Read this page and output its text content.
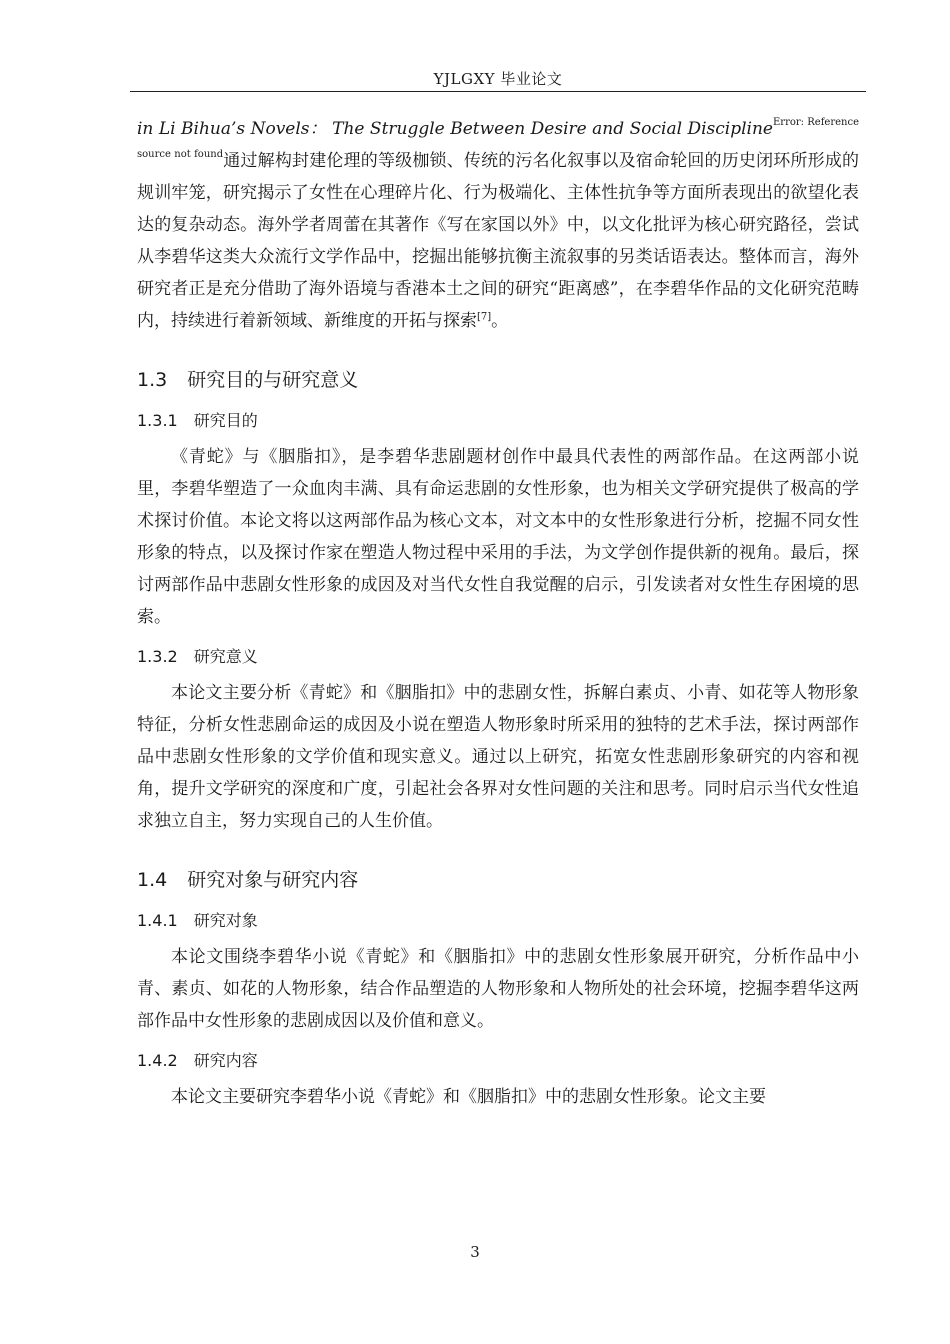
YJLGXY 毕业论文

in Li Bihua’s Novels： The Struggle Between Desire and Social Discipline$^{Error: Reference source not found}$通过解构封建伦理的等级枷锁、传统的污名化叙事以及宿命轮回的历史闭环所形成的规训牢笼，研究揭示了女性在心理碎片化、行为极端化、主体性抗争等方面所表现出的欲望化表达的复杂动态。海外学者周蕾在其著作《写在家国以外》中，以文化批评为核心研究路径，尝试从李碧华这类大众流行文学作品中，挖掘出能够抗衡主流叙事的另类话语表达。整体而言，海外研究者正是充分借助了海外语境与香港本土之间的研究“距离感”，在李碧华作品的文化研究范畴内，持续进行着新领域、新维度的开拓与探索[7]。

1.3 研究目的与研究意义
1.3.1 研究目的

《青蛇》与《胭脂扣》，是李碧华悲剧题材创作中最具代表性的两部作品。在这两部小说里，李碧华塑造了一众血肉丰满、具有命运悲剧的女性形象，也为相关文学研究提供了极高的学术探讨价值。本论文将以这两部作品为核心文本，对文本中的女性形象进行分析，挖掘不同女性形象的特点，以及探讨作家在塑造人物过程中采用的手法，为文学创作提供新的视角。最后，探讨两部作品中悲剧女性形象的成因及对当代女性自我觉醒的启示，引发读者对女性生存困境的思索。

1.3.2 研究意义

本论文主要分析《青蛇》和《胭脂扣》中的悲剧女性，拆解白素贞、小青、如花等人物形象特征，分析女性悲剧命运的成因及小说在塑造人物形象时所采用的独特的艺术手法，探讨两部作品中悲剧女性形象的文学价值和现实意义。通过以上研究，拓宽女性悲剧形象研究的内容和视角，提升文学研究的深度和广度，引起社会各界对女性问题的关注和思考。同时启示当代女性追求独立自主，努力实现自己的人生价值。

1.4 研究对象与研究内容
1.4.1 研究对象

本论文围绕李碧华小说《青蛇》和《胭脂扣》中的悲剧女性形象展开研究，分析作品中小青、素贞、如花的人物形象，结合作品塑造的人物形象和人物所处的社会环境，挖掘李碧华这两部作品中女性形象的悲剧成因以及价值和意义。

1.4.2 研究内容

本论文主要研究李碧华小说《青蛇》和《胭脂扣》中的悲剧女性形象。论文主要

3
